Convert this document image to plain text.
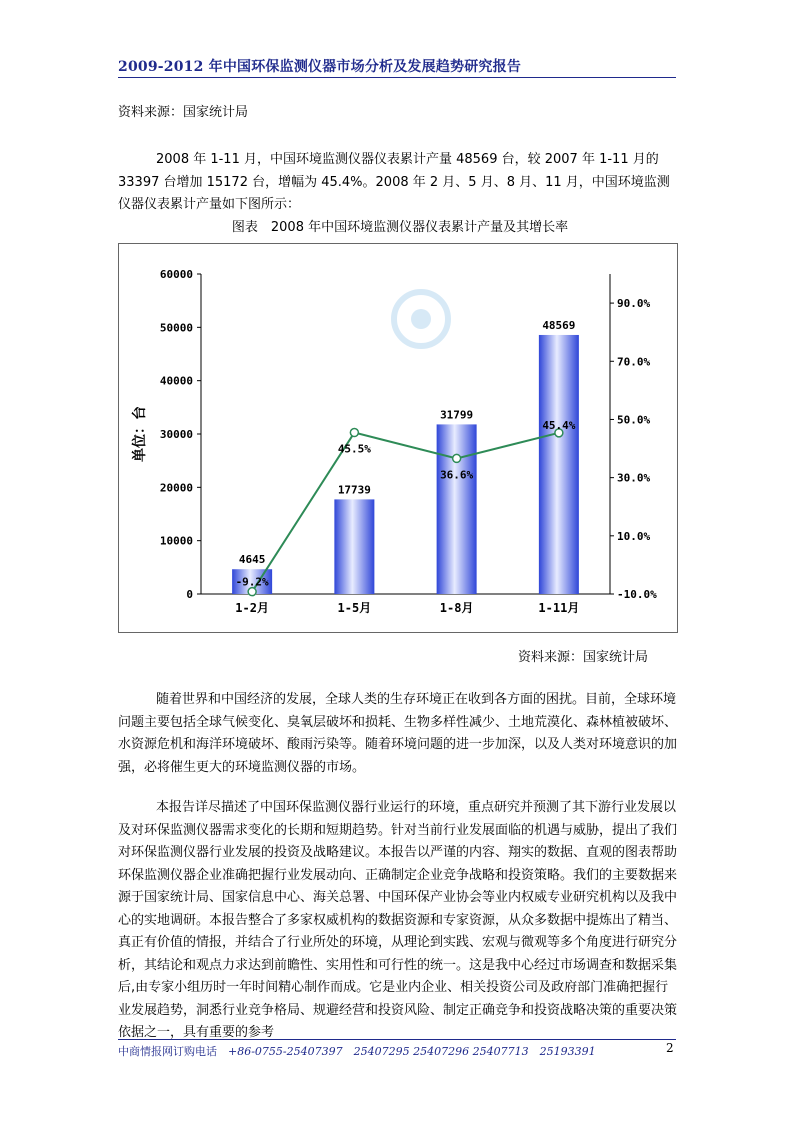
2009-2012 年中国环保监测仪器市场分析及发展趋势研究报告

资料来源：国家统计局

2008 年 1-11 月，中国环境监测仪器仪表累计产量 48569 台，较 2007 年 1-11 月的 33397 台增加 15172 台，增幅为 45.4%。2008 年 2 月、5 月、8 月、11 月，中国环境监测仪器仪表累计产量如下图所示：

图表　2008 年中国环境监测仪器仪表累计产量及其增长率
0
10000
20000
30000
40000
50000
60000
-10.0%
10.0%
30.0%
50.0%
70.0%
90.0%
单位：台
4645
17739
31799
48569
1-2月	1-5月	1-8月	1-11月
-9.2%
45.5%
36.6%
45.4%
资料来源：国家统计局

随着世界和中国经济的发展，全球人类的生存环境正在收到各方面的困扰。目前，全球环境问题主要包括全球气候变化、臭氧层破坏和损耗、生物多样性减少、土地荒漠化、森林植被破坏、水资源危机和海洋环境破坏、酸雨污染等。随着环境问题的进一步加深，以及人类对环境意识的加强，必将催生更大的环境监测仪器的市场。

本报告详尽描述了中国环保监测仪器行业运行的环境，重点研究并预测了其下游行业发展以及对环保监测仪器需求变化的长期和短期趋势。针对当前行业发展面临的机遇与威胁，提出了我们对环保监测仪器行业发展的投资及战略建议。本报告以严谨的内容、翔实的数据、直观的图表帮助环保监测仪器企业准确把握行业发展动向、正确制定企业竞争战略和投资策略。我们的主要数据来源于国家统计局、国家信息中心、海关总署、中国环保产业协会等业内权威专业研究机构以及我中心的实地调研。本报告整合了多家权威机构的数据资源和专家资源，从众多数据中提炼出了精当、真正有价值的情报，并结合了行业所处的环境，从理论到实践、宏观与微观等多个角度进行研究分析，其结论和观点力求达到前瞻性、实用性和可行性的统一。这是我中心经过市场调查和数据采集后,由专家小组历时一年时间精心制作而成。它是业内企业、相关投资公司及政府部门准确把握行业发展趋势，洞悉行业竞争格局、规避经营和投资风险、制定正确竞争和投资战略决策的重要决策依据之一，具有重要的参考

中商情报网订购电话　 +86-0755-25407397　25407295 25407296 25407713　25193391	2
